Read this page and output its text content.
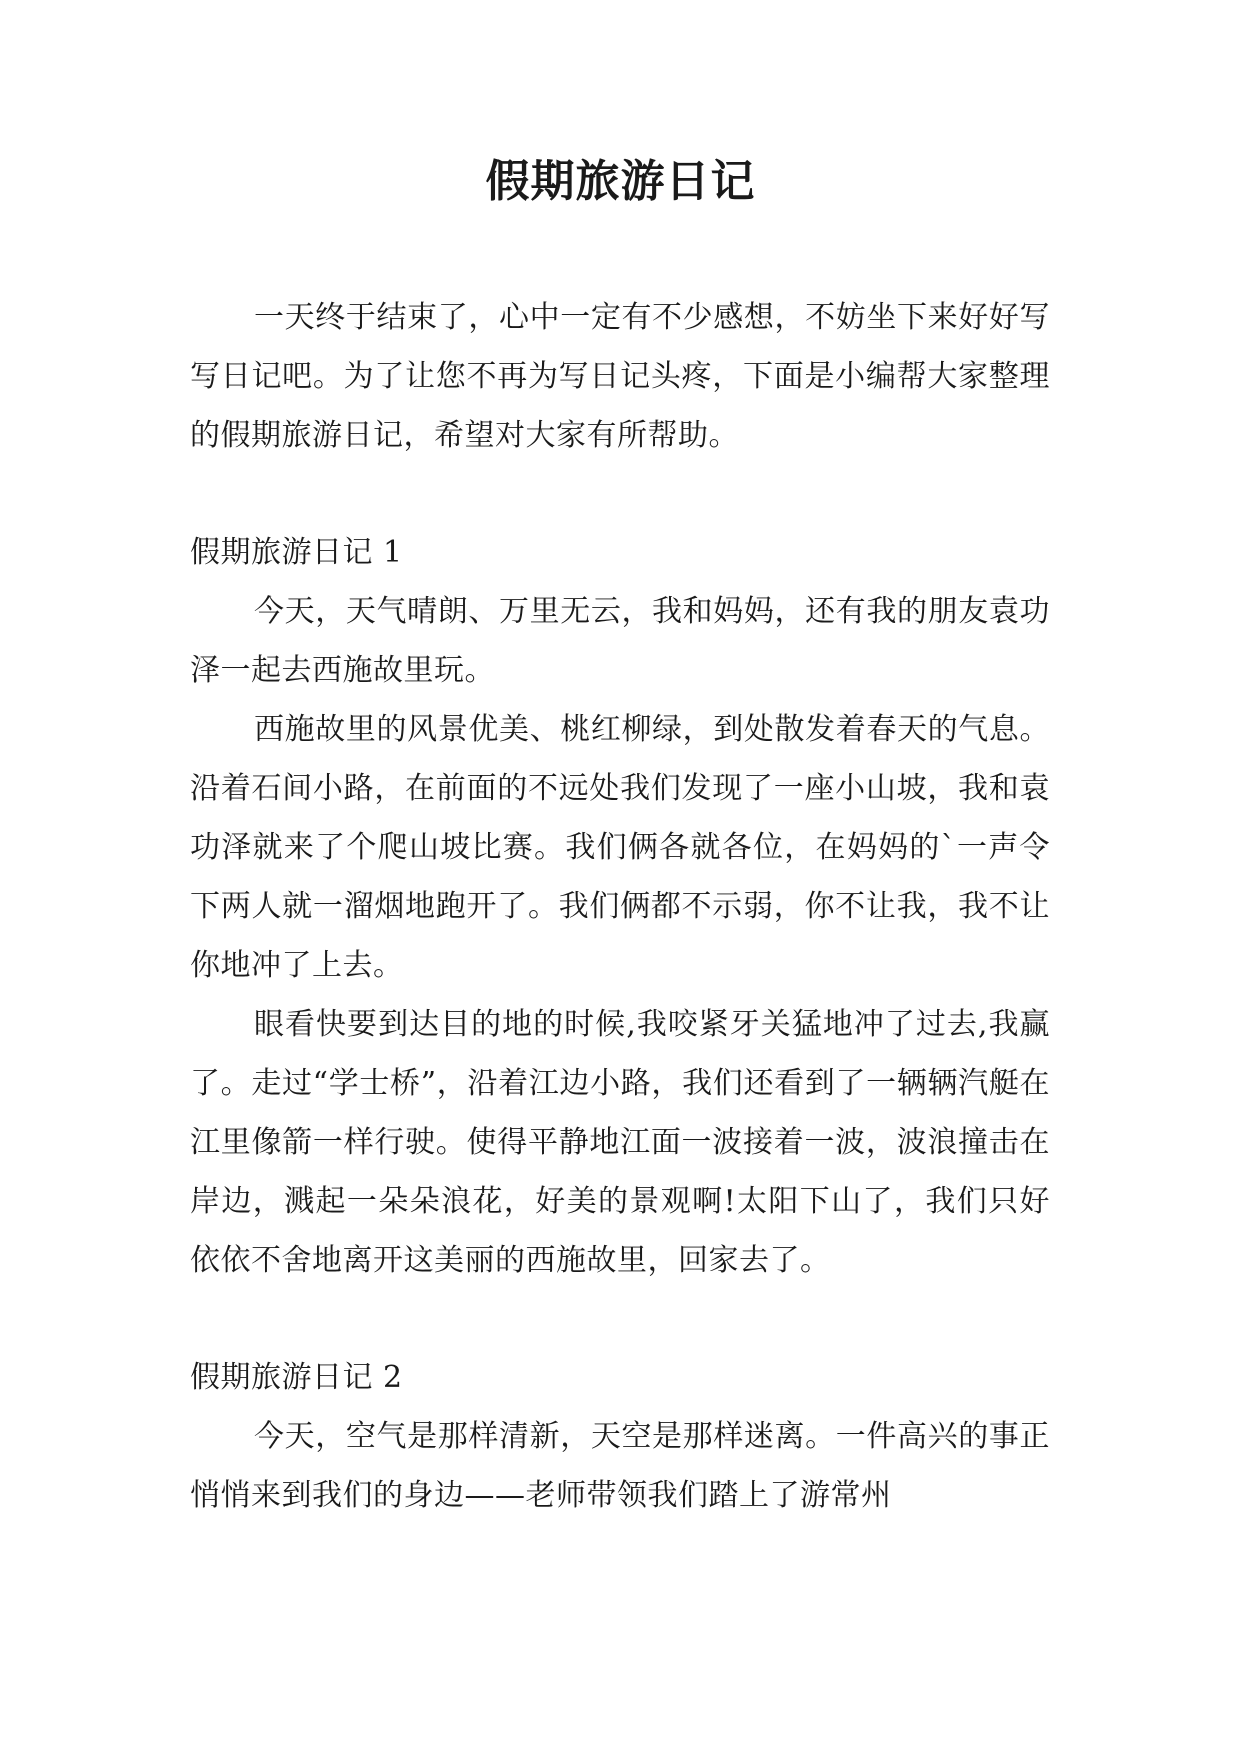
假期旅游日记

一天终于结束了，心中一定有不少感想，不妨坐下来好好写写日记吧。为了让您不再为写日记头疼，下面是小编帮大家整理的假期旅游日记，希望对大家有所帮助。

假期旅游日记 1

今天，天气晴朗、万里无云，我和妈妈，还有我的朋友袁功泽一起去西施故里玩。

西施故里的风景优美、桃红柳绿，到处散发着春天的气息。沿着石间小路，在前面的不远处我们发现了一座小山坡，我和袁功泽就来了个爬山坡比赛。我们俩各就各位，在妈妈的`一声令下两人就一溜烟地跑开了。我们俩都不示弱，你不让我，我不让你地冲了上去。

眼看快要到达目的地的时候,我咬紧牙关猛地冲了过去,我赢了。走过“学士桥”，沿着江边小路，我们还看到了一辆辆汽艇在江里像箭一样行驶。使得平静地江面一波接着一波，波浪撞击在岸边，溅起一朵朵浪花，好美的景观啊!太阳下山了，我们只好依依不舍地离开这美丽的西施故里，回家去了。

假期旅游日记 2

今天，空气是那样清新，天空是那样迷离。一件高兴的事正悄悄来到我们的身边——老师带领我们踏上了游常州
